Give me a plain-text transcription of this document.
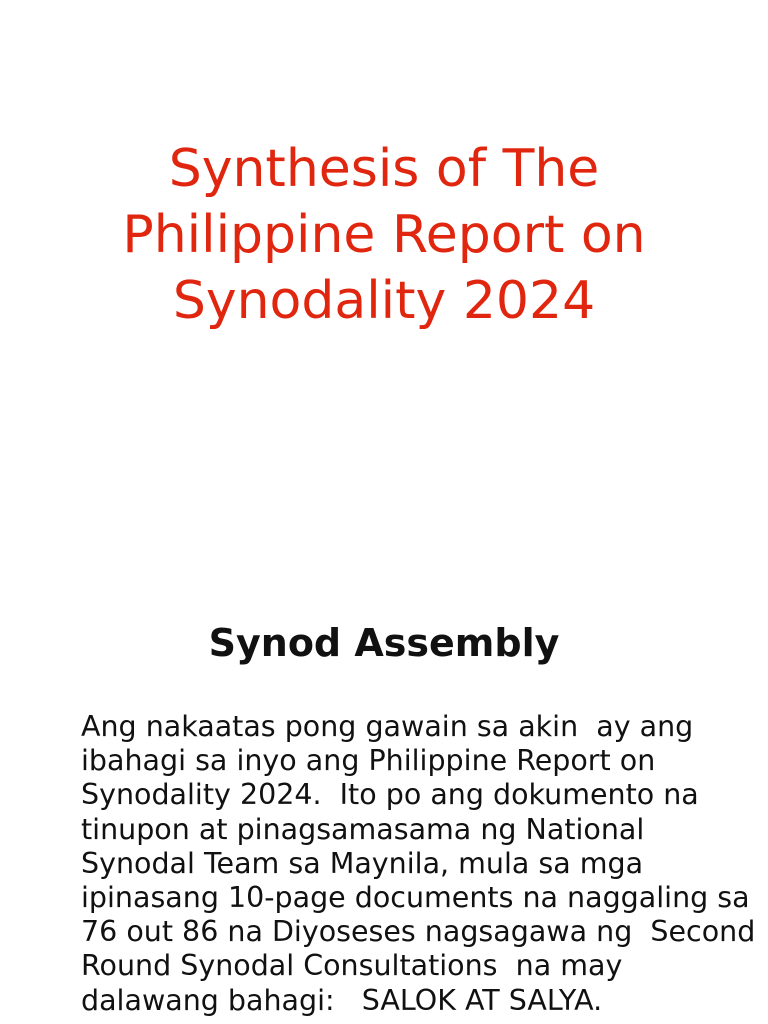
Synthesis of The
Philippine Report on
Synodality 2024
Synod Assembly
Ang nakaatas pong gawain sa akin  ay ang
ibahagi sa inyo ang Philippine Report on
Synodality 2024.  Ito po ang dokumento na
tinupon at pinagsamasama ng National
Synodal Team sa Maynila, mula sa mga
ipinasang 10-page documents na naggaling sa
76 out 86 na Diyoseses nagsagawa ng  Second
Round Synodal Consultations  na may
dalawang bahagi:   SALOK AT SALYA.
